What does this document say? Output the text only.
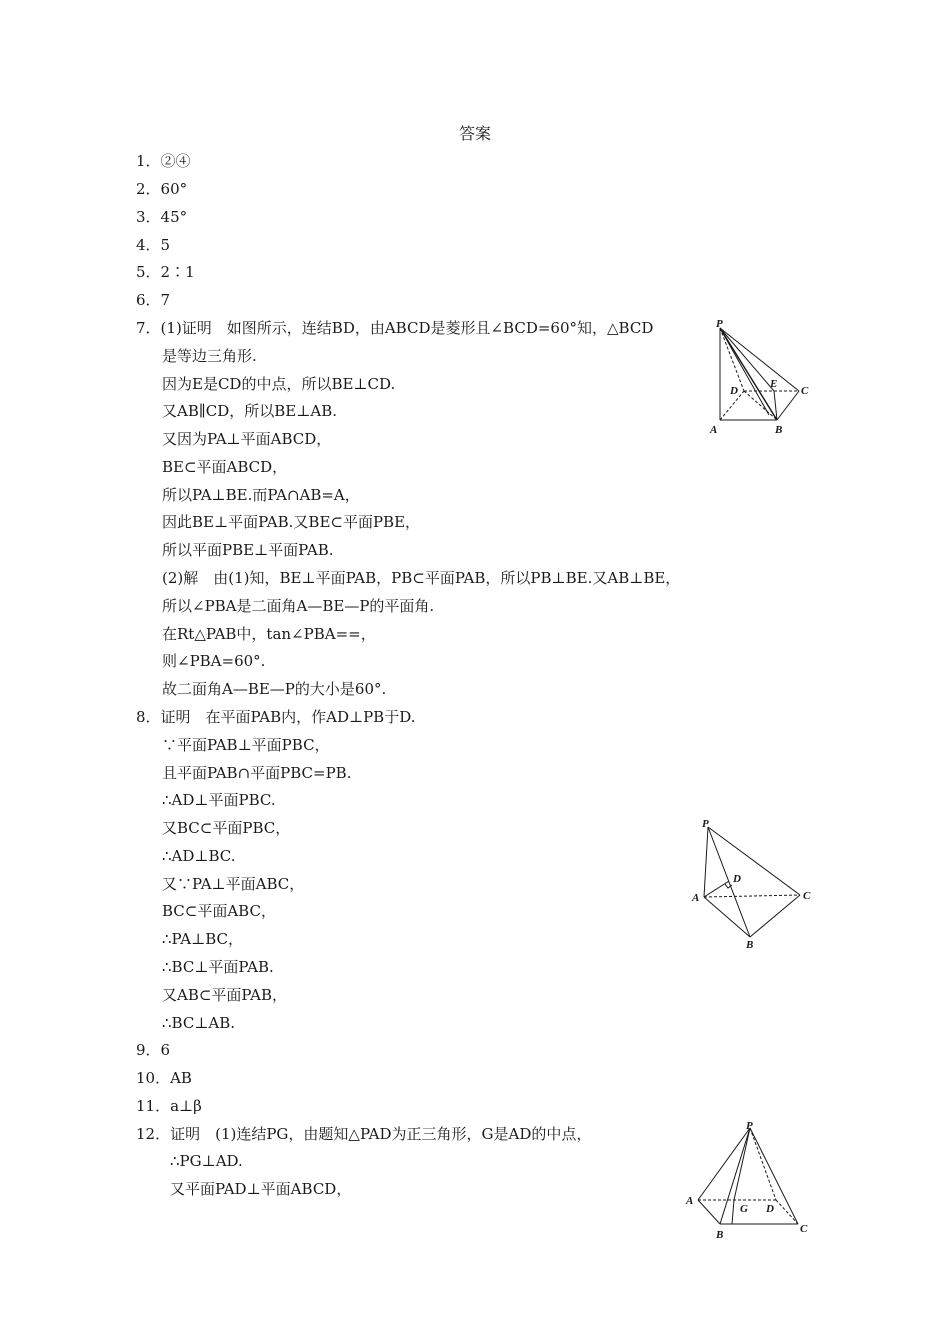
答案
1．②④
2．60°
3．45°
4．5
5．2∶1
6．7
7．(1)证明　如图所示，连结BD，由ABCD是菱形且∠BCD=60°知，△BCD
是等边三角形.
因为E是CD的中点，所以BE⊥CD.
又AB∥CD，所以BE⊥AB.
又因为PA⊥平面ABCD，
BE⊂平面ABCD，
所以PA⊥BE.而PA∩AB=A，
因此BE⊥平面PAB.又BE⊂平面PBE，
所以平面PBE⊥平面PAB.
(2)解　由(1)知，BE⊥平面PAB，PB⊂平面PAB，所以PB⊥BE.又AB⊥BE，
所以∠PBA是二面角A—BE—P的平面角.
在Rt△PAB中，tan∠PBA==，
则∠PBA=60°.
故二面角A—BE—P的大小是60°.
8．证明　在平面PAB内，作AD⊥PB于D.
∵平面PAB⊥平面PBC，
且平面PAB∩平面PBC=PB.
∴AD⊥平面PBC.
又BC⊂平面PBC，
∴AD⊥BC.
又∵PA⊥平面ABC，
BC⊂平面ABC，
∴PA⊥BC，
∴BC⊥平面PAB.
又AB⊂平面PAB，
∴BC⊥AB.
9．6
10．AB
11．a⊥β
12．证明　(1)连结PG，由题知△PAD为正三角形，G是AD的中点，
∴PG⊥AD.
又平面PAD⊥平面ABCD，
P
A	B
C
D
E
P
A
B
C
D
P
A
B	C
D
G
